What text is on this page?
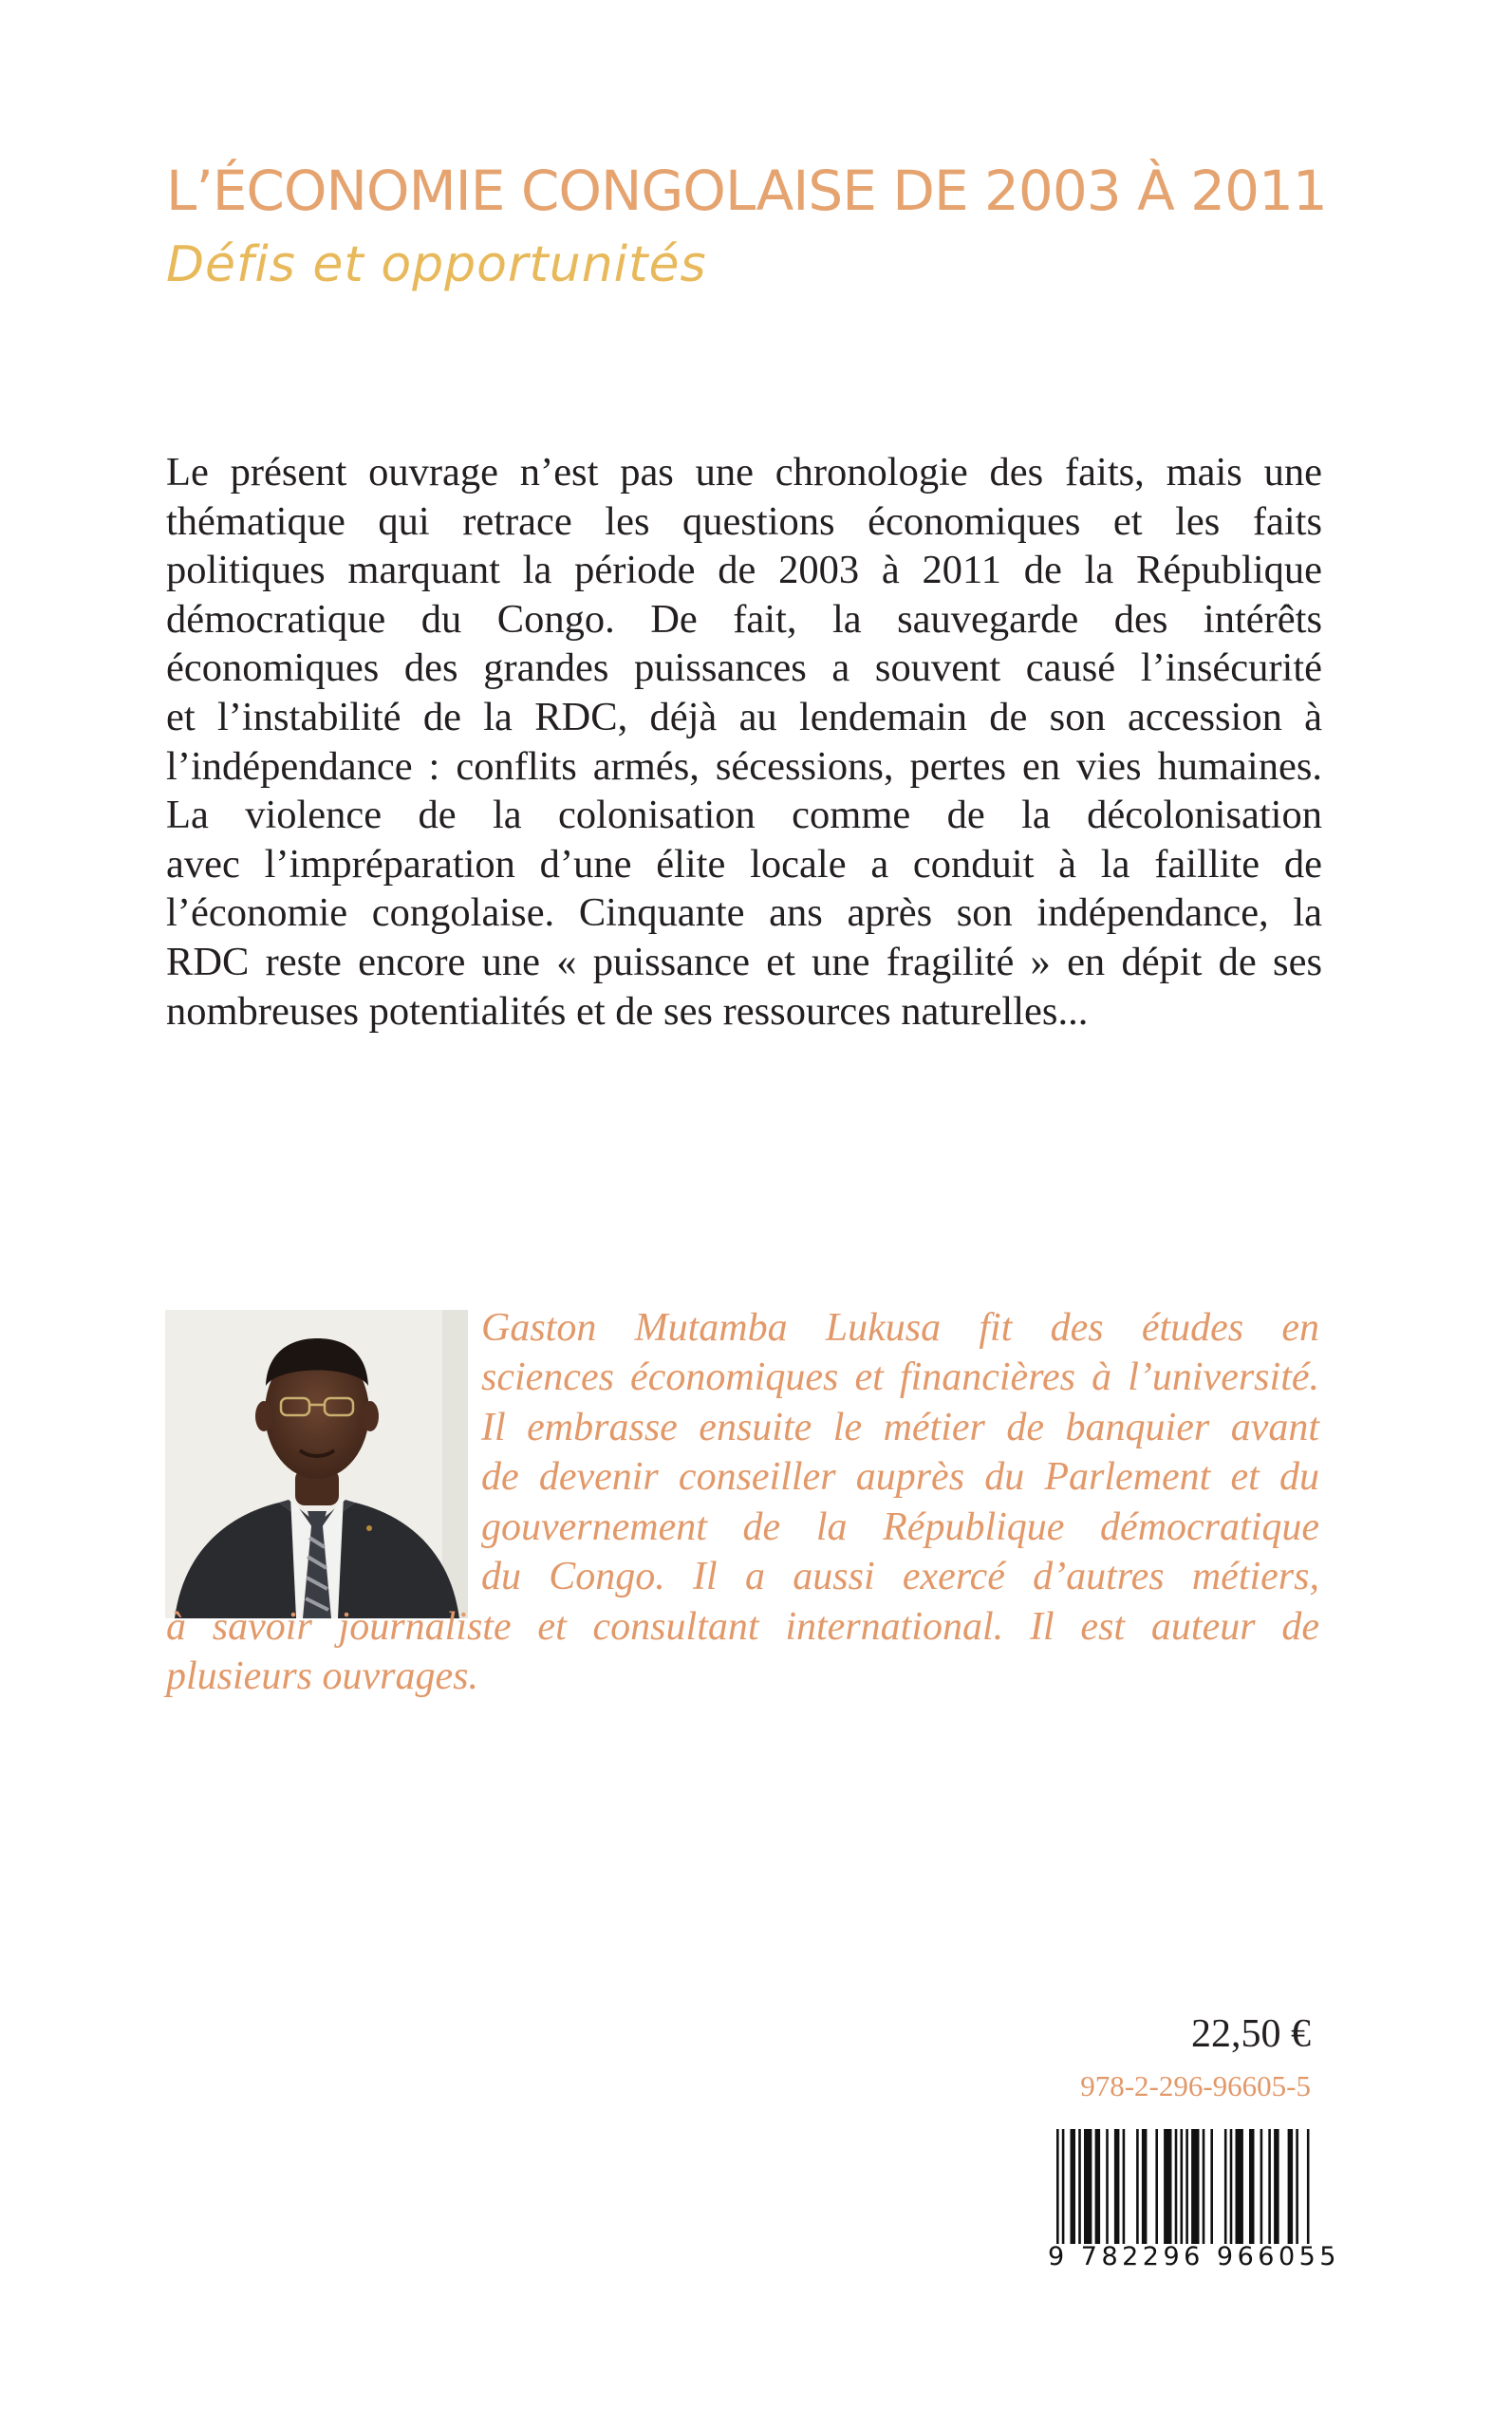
L’ÉCONOMIE CONGOLAISE DE 2003 À 2011
Défis et opportunités

Le présent ouvrage n’est pas une chronologie des faits, mais une

thématique qui retrace les questions économiques et les faits

politiques marquant la période de 2003 à 2011 de la République

démocratique du Congo. De fait, la sauvegarde des intérêts

économiques des grandes puissances a souvent causé l’insécurité

et l’instabilité de la RDC, déjà au lendemain de son accession à

l’indépendance : conflits armés, sécessions, pertes en vies humaines.

La violence de la colonisation comme de la décolonisation

avec l’impréparation d’une élite locale a conduit à la faillite de

l’économie congolaise. Cinquante ans après son indépendance, la

RDC reste encore une « puissance et une fragilité » en dépit de ses

nombreuses potentialités et de ses ressources naturelles...

Gaston Mutamba Lukusa fit des études en

sciences économiques et financières à l’université.

Il embrasse ensuite le métier de banquier avant

de devenir conseiller auprès du Parlement et du

gouvernement de la République démocratique

du Congo. Il a aussi exercé d’autres métiers,

à savoir journaliste et consultant international. Il est auteur de

plusieurs ouvrages.

22,50 €
978-2-296-96605-5
9 782296 966055
